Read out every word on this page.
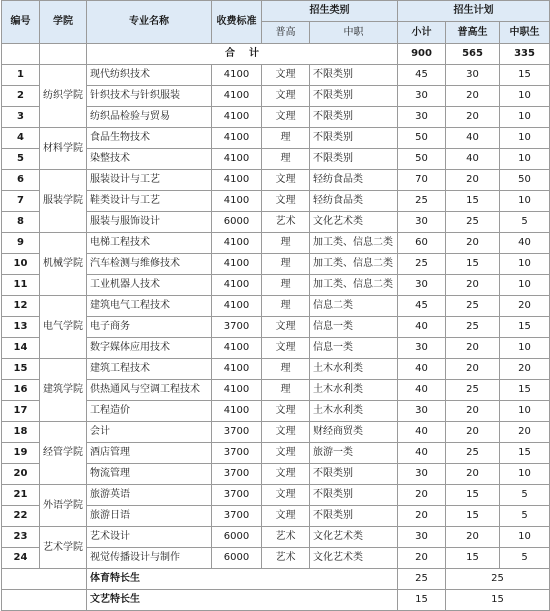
编号	学院	专业名称	收费标准	招生类别		招生计划		
				普高	中职	小计	普高生	中职生
		合    计				900	565	335
1	纺织学院	现代纺织技术	4100	文理	不限类别	45	30	15
2		针织技术与针织服装	4100	文理	不限类别	30	20	10
3		纺织品检验与贸易	4100	文理	不限类别	30	20	10
4	材料学院	食品生物技术	4100	理	不限类别	50	40	10
5		染整技术	4100	理	不限类别	50	40	10
6	服装学院	服装设计与工艺	4100	文理	轻纺食品类	70	20	50
7		鞋类设计与工艺	4100	文理	轻纺食品类	25	15	10
8		服装与服饰设计	6000	艺术	文化艺术类	30	25	5
9	机械学院	电梯工程技术	4100	理	加工类、信息二类	60	20	40
10		汽车检测与维修技术	4100	理	加工类、信息二类	25	15	10
11		工业机器人技术	4100	理	加工类、信息二类	30	20	10
12	电气学院	建筑电气工程技术	4100	理	信息二类	45	25	20
13		电子商务	3700	文理	信息一类	40	25	15
14		数字媒体应用技术	4100	文理	信息一类	30	20	10
15	建筑学院	建筑工程技术	4100	理	土木水利类	40	20	20
16		供热通风与空调工程技术	4100	理	土木水利类	40	25	15
17		工程造价	4100	文理	土木水利类	30	20	10
18	经管学院	会计	3700	文理	财经商贸类	40	20	20
19		酒店管理	3700	文理	旅游一类	40	25	15
20		物流管理	3700	文理	不限类别	30	20	10
21	外语学院	旅游英语	3700	文理	不限类别	20	15	5
22		旅游日语	3700	文理	不限类别	20	15	5
23	艺术学院	艺术设计	6000	艺术	文化艺术类	30	20	10
24		视觉传播设计与制作	6000	艺术	文化艺术类	20	15	5
		体育特长生				25	25	
		文艺特长生				15	15	
